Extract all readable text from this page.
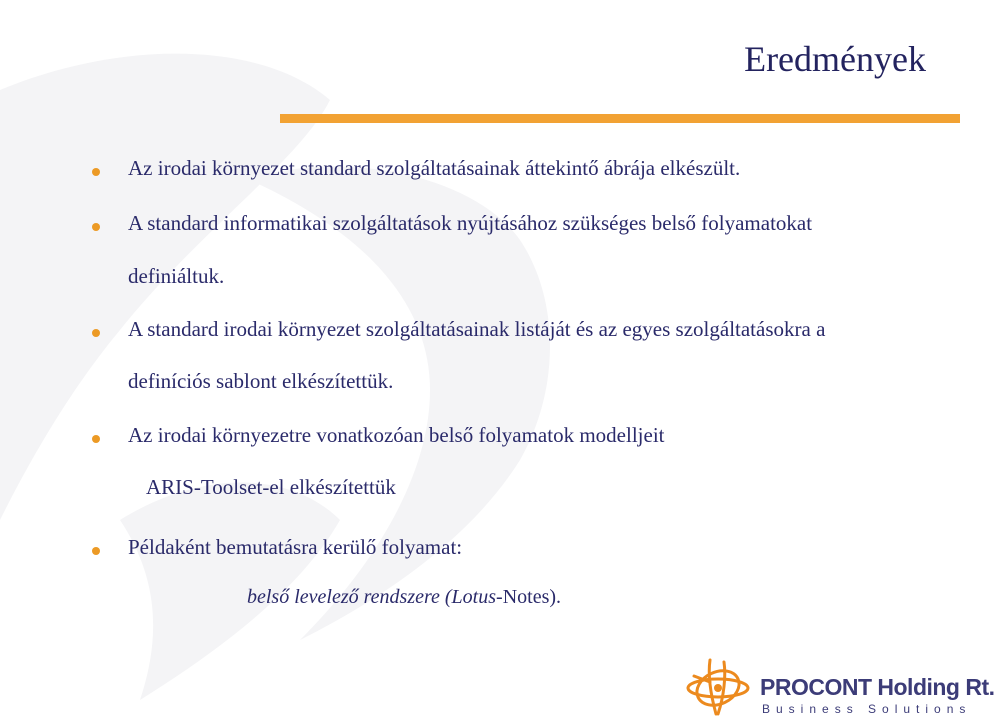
Eredmények
Az irodai környezet standard szolgáltatásainak áttekintő ábrája elkészült.
A standard informatikai szolgáltatások nyújtásához szükséges belső folyamatokat
definiáltuk.
A standard irodai környezet szolgáltatásainak listáját és az egyes szolgáltatásokra a
definíciós sablont elkészítettük.
Az irodai környezetre vonatkozóan belső folyamatok modelljeit
ARIS-Toolset-el elkészítettük
Példaként bemutatásra kerülő folyamat:
belső levelező rendszere (Lotus-Notes).
PROCONT Holding Rt.
Business Solutions
